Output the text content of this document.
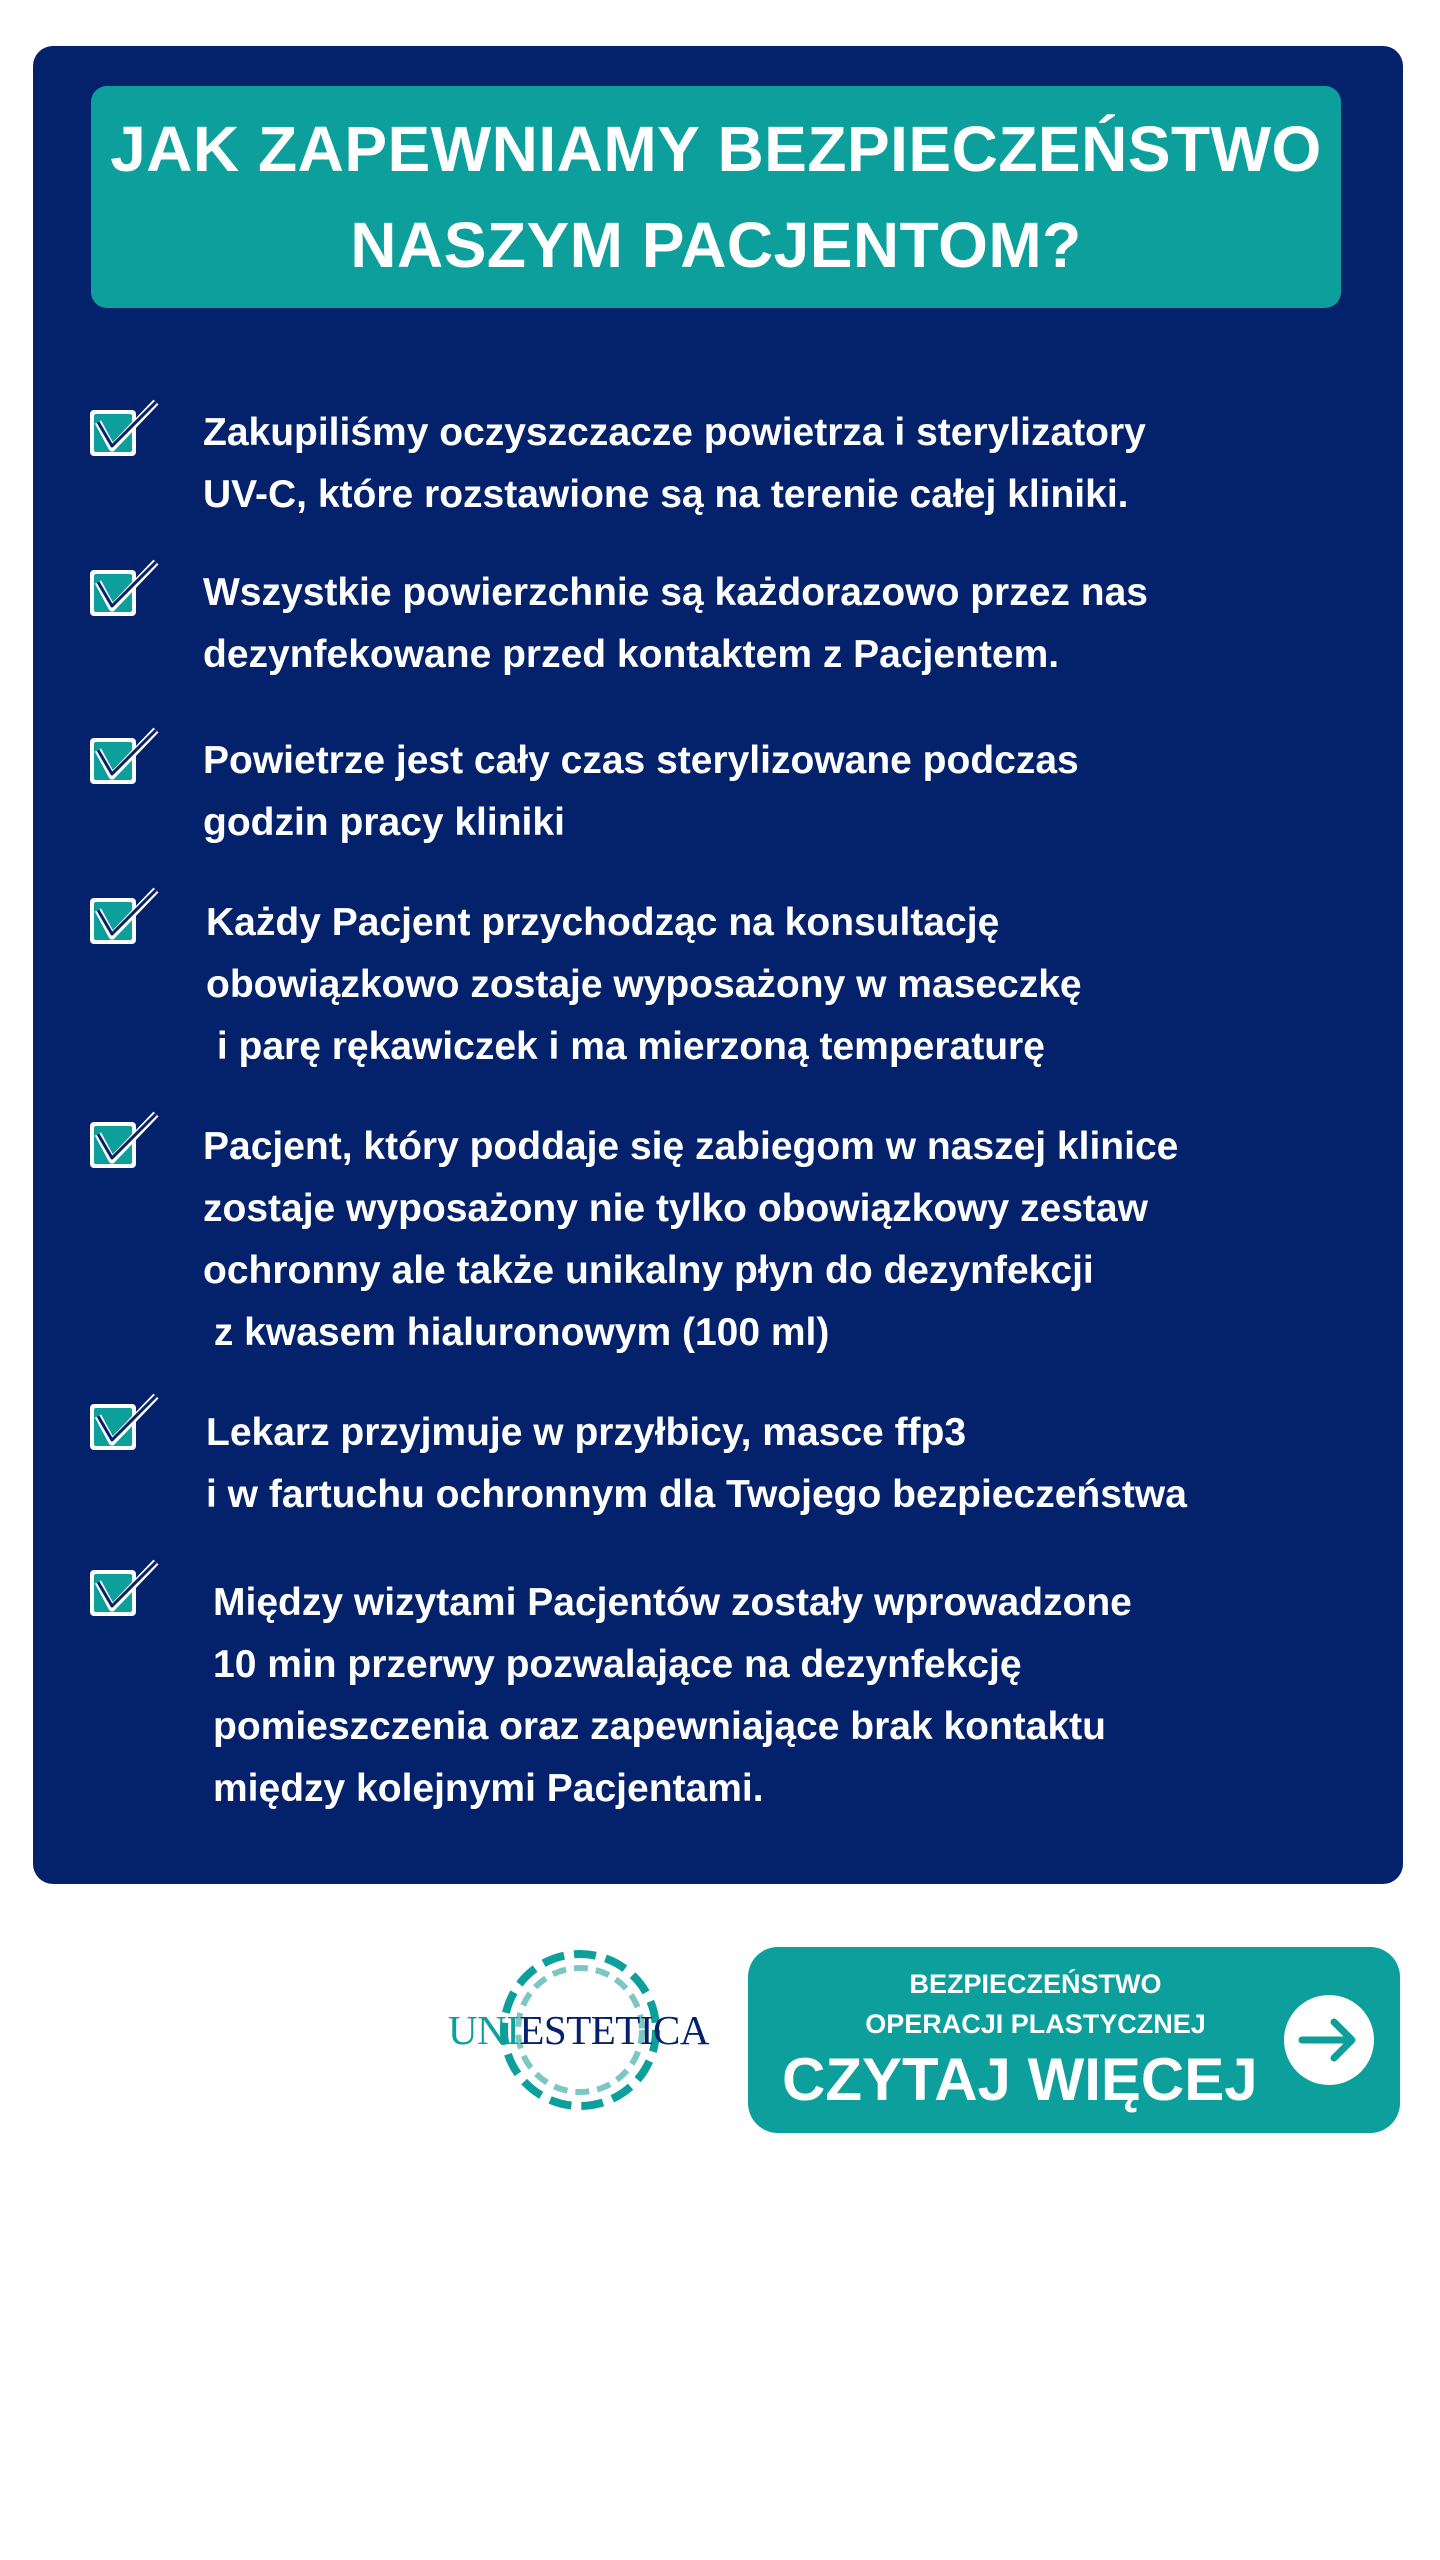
JAK ZAPEWNIAMY BEZPIECZEŃSTWO
NASZYM PACJENTOM?
Zakupiliśmy oczyszczacze powietrza i sterylizatory
UV-C, które rozstawione są na terenie całej kliniki.
Wszystkie powierzchnie są każdorazowo przez nas
dezynfekowane przed kontaktem z Pacjentem.
Powietrze jest cały czas sterylizowane podczas
godzin pracy kliniki
Każdy Pacjent przychodząc na konsultację
obowiązkowo zostaje wyposażony w maseczkę
i parę rękawiczek i ma mierzoną temperaturę
Pacjent, który poddaje się zabiegom w naszej klinice
zostaje wyposażony nie tylko obowiązkowy zestaw
ochronny ale także unikalny płyn do dezynfekcji
z kwasem hialuronowym (100 ml)
Lekarz przyjmuje w przyłbicy, masce ffp3
i w fartuchu ochronnym dla Twojego bezpieczeństwa
Między wizytami Pacjentów zostały wprowadzone
10 min przerwy pozwalające na dezynfekcję
pomieszczenia oraz zapewniające brak kontaktu
między kolejnymi Pacjentami.
UNIESTETICA
BEZPIECZEŃSTWO
OPERACJI PLASTYCZNEJ
CZYTAJ WIĘCEJ
